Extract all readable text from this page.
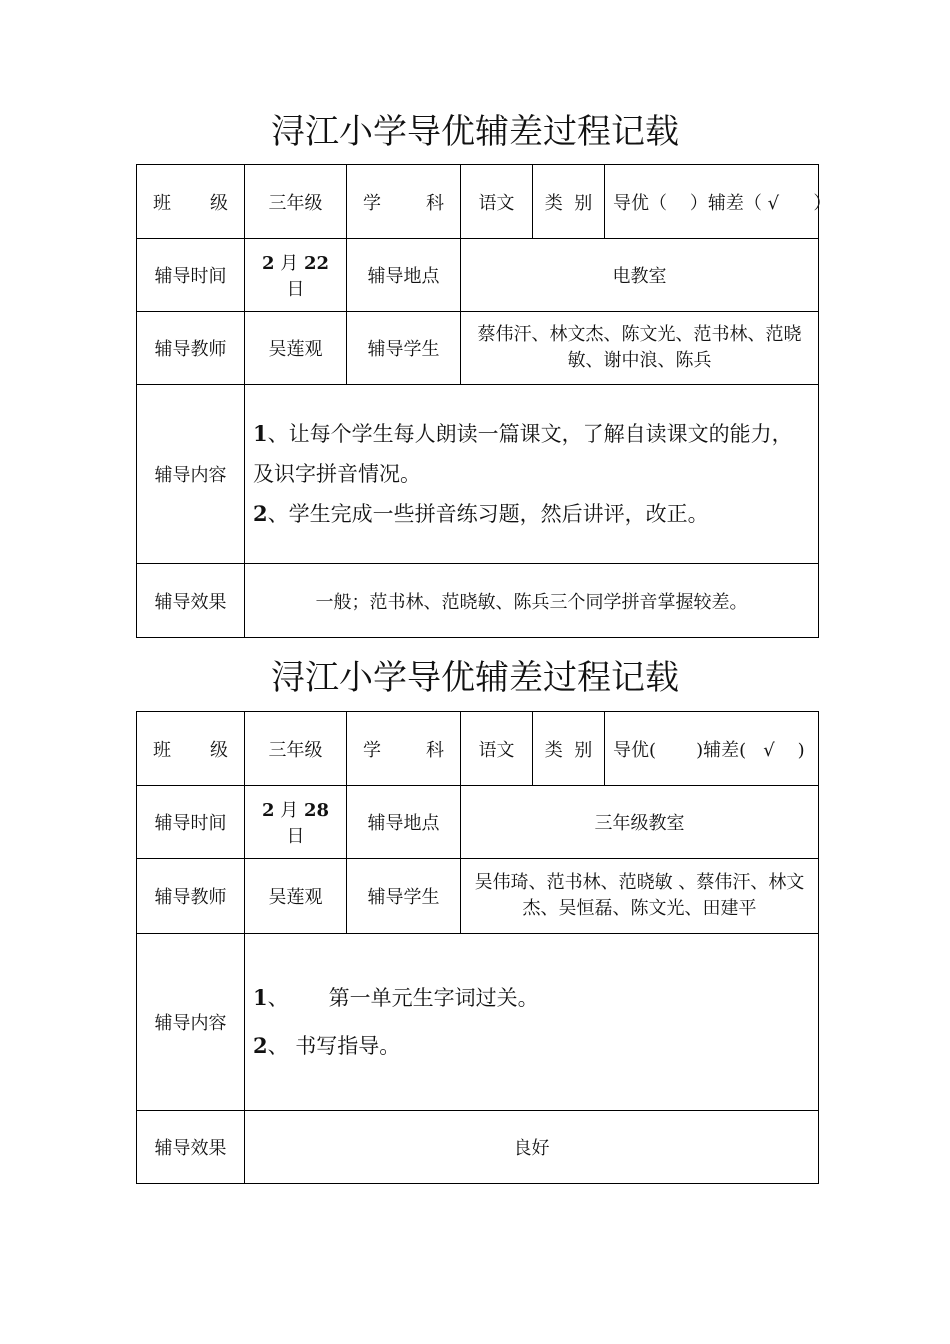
浔江小学导优辅差过程记载
班 级	三年级	学 科	语文	类  别	导优（    ）辅差（ √      ）
辅导时间	2 月 22 日	辅导地点	电教室		
辅导教师	吴莲观	辅导学生	蔡伟汗、林文杰、陈文光、范书林、范晓敏、谢中浪、陈兵		
辅导内容	1、让每个学生每人朗读一篇课文，了解自读课文的能力，及识字拼音情况。

2、学生完成一些拼音练习题，然后讲评，改正。				

辅导效果	一般；范书林、范晓敏、陈兵三个同学拼音掌握较差。				
浔江小学导优辅差过程记载
班 级	三年级	学 科	语文	类  别	导优(       )辅差(   √    )
辅导时间	2 月 28 日	辅导地点	三年级教室		
辅导教师	吴莲观	辅导学生	吴伟琦、范书林、范晓敏 、蔡伟汗、林文杰、吴恒磊、陈文光、田建平		
辅导内容	1、      第一单元生字词过关。

2、 书写指导。				

辅导效果	良好				
